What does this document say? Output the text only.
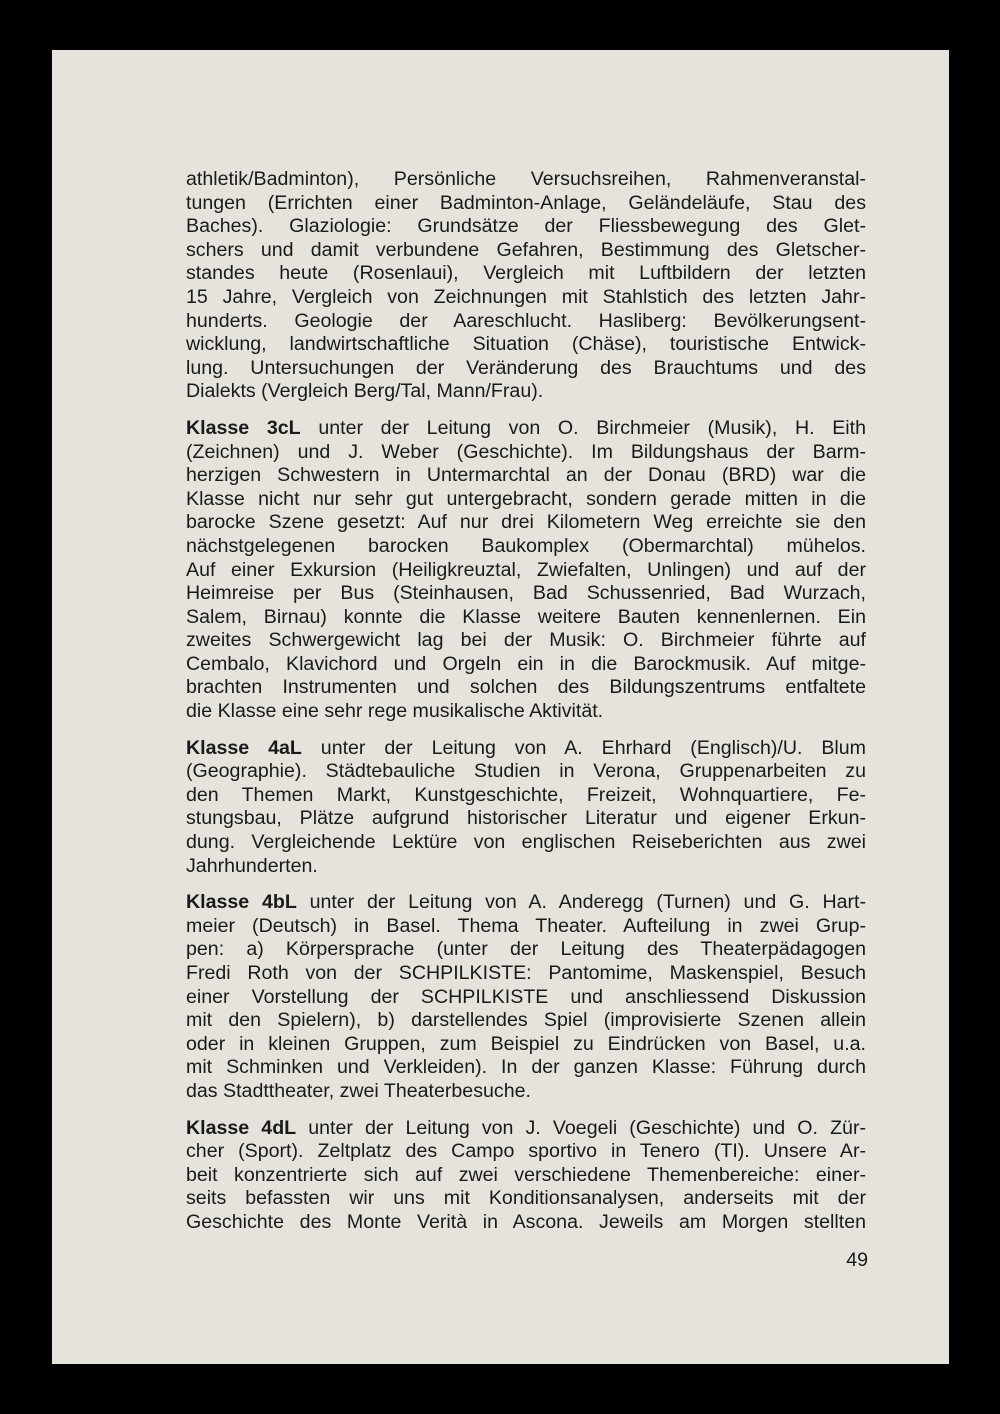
athletik/Badminton), Persönliche Versuchsreihen, Rahmenveranstal-
tungen (Errichten einer Badminton-Anlage, Geländeläufe, Stau des
Baches). Glaziologie: Grundsätze der Fliessbewegung des Glet-
schers und damit verbundene Gefahren, Bestimmung des Gletscher-
standes heute (Rosenlaui), Vergleich mit Luftbildern der letzten
15 Jahre, Vergleich von Zeichnungen mit Stahlstich des letzten Jahr-
hunderts. Geologie der Aareschlucht. Hasliberg: Bevölkerungsent-
wicklung, landwirtschaftliche Situation (Chäse), touristische Entwick-
lung. Untersuchungen der Veränderung des Brauchtums und des
Dialekts (Vergleich Berg/Tal, Mann/Frau).
Klasse 3cL unter der Leitung von O. Birchmeier (Musik), H. Eith
(Zeichnen) und J. Weber (Geschichte). Im Bildungshaus der Barm-
herzigen Schwestern in Untermarchtal an der Donau (BRD) war die
Klasse nicht nur sehr gut untergebracht, sondern gerade mitten in die
barocke Szene gesetzt: Auf nur drei Kilometern Weg erreichte sie den
nächstgelegenen barocken Baukomplex (Obermarchtal) mühelos.
Auf einer Exkursion (Heiligkreuztal, Zwiefalten, Unlingen) und auf der
Heimreise per Bus (Steinhausen, Bad Schussenried, Bad Wurzach,
Salem, Birnau) konnte die Klasse weitere Bauten kennenlernen. Ein
zweites Schwergewicht lag bei der Musik: O. Birchmeier führte auf
Cembalo, Klavichord und Orgeln ein in die Barockmusik. Auf mitge-
brachten Instrumenten und solchen des Bildungszentrums entfaltete
die Klasse eine sehr rege musikalische Aktivität.
Klasse 4aL unter der Leitung von A. Ehrhard (Englisch)/U. Blum
(Geographie). Städtebauliche Studien in Verona, Gruppenarbeiten zu
den Themen Markt, Kunstgeschichte, Freizeit, Wohnquartiere, Fe-
stungsbau, Plätze aufgrund historischer Literatur und eigener Erkun-
dung. Vergleichende Lektüre von englischen Reiseberichten aus zwei
Jahrhunderten.
Klasse 4bL unter der Leitung von A. Anderegg (Turnen) und G. Hart-
meier (Deutsch) in Basel. Thema Theater. Aufteilung in zwei Grup-
pen: a) Körpersprache (unter der Leitung des Theaterpädagogen
Fredi Roth von der SCHPILKISTE: Pantomime, Maskenspiel, Besuch
einer Vorstellung der SCHPILKISTE und anschliessend Diskussion
mit den Spielern), b) darstellendes Spiel (improvisierte Szenen allein
oder in kleinen Gruppen, zum Beispiel zu Eindrücken von Basel, u.a.
mit Schminken und Verkleiden). In der ganzen Klasse: Führung durch
das Stadttheater, zwei Theaterbesuche.
Klasse 4dL unter der Leitung von J. Voegeli (Geschichte) und O. Zür-
cher (Sport). Zeltplatz des Campo sportivo in Tenero (TI). Unsere Ar-
beit konzentrierte sich auf zwei verschiedene Themenbereiche: einer-
seits befassten wir uns mit Konditionsanalysen, anderseits mit der
Geschichte des Monte Verità in Ascona. Jeweils am Morgen stellten
49
